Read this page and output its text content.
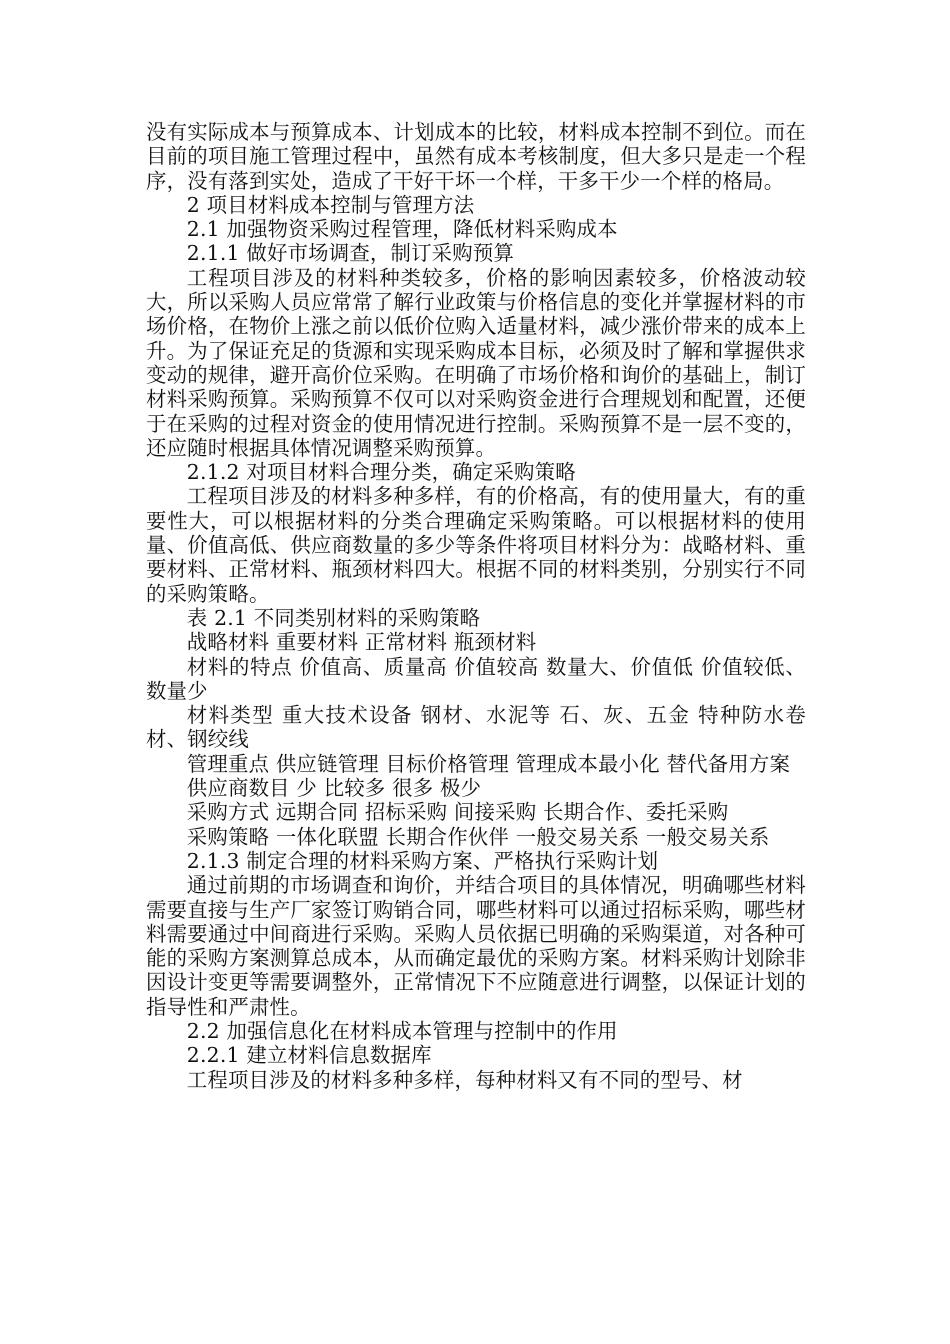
没有实际成本与预算成本、计划成本的比较，材料成本控制不到位。而在目前的项目施工管理过程中，虽然有成本考核制度，但大多只是走一个程序，没有落到实处，造成了干好干坏一个样，干多干少一个样的格局。

2 项目材料成本控制与管理方法

2.1 加强物资采购过程管理，降低材料采购成本

2.1.1 做好市场调查，制订采购预算

工程项目涉及的材料种类较多，价格的影响因素较多，价格波动较大，所以采购人员应常常了解行业政策与价格信息的变化并掌握材料的市场价格，在物价上涨之前以低价位购入适量材料，减少涨价带来的成本上升。为了保证充足的货源和实现采购成本目标，必须及时了解和掌握供求变动的规律，避开高价位采购。在明确了市场价格和询价的基础上，制订材料采购预算。采购预算不仅可以对采购资金进行合理规划和配置，还便于在采购的过程对资金的使用情况进行控制。采购预算不是一层不变的，还应随时根据具体情况调整采购预算。

2.1.2 对项目材料合理分类，确定采购策略

工程项目涉及的材料多种多样，有的价格高，有的使用量大，有的重要性大，可以根据材料的分类合理确定采购策略。可以根据材料的使用量、价值高低、供应商数量的多少等条件将项目材料分为：战略材料、重要材料、正常材料、瓶颈材料四大。根据不同的材料类别，分别实行不同的采购策略。

表 2.1 不同类别材料的采购策略

战略材料 重要材料 正常材料 瓶颈材料

材料的特点 价值高、质量高 价值较高 数量大、价值低 价值较低、数量少

材料类型 重大技术设备 钢材、水泥等 石、灰、五金 特种防水卷材、钢绞线

管理重点 供应链管理 目标价格管理 管理成本最小化 替代备用方案

供应商数目 少 比较多 很多 极少

采购方式 远期合同 招标采购 间接采购 长期合作、委托采购

采购策略 一体化联盟 长期合作伙伴 一般交易关系 一般交易关系

2.1.3 制定合理的材料采购方案、严格执行采购计划

通过前期的市场调查和询价，并结合项目的具体情况，明确哪些材料需要直接与生产厂家签订购销合同，哪些材料可以通过招标采购，哪些材料需要通过中间商进行采购。采购人员依据已明确的采购渠道，对各种可能的采购方案测算总成本，从而确定最优的采购方案。材料采购计划除非因设计变更等需要调整外，正常情况下不应随意进行调整，以保证计划的指导性和严肃性。

2.2 加强信息化在材料成本管理与控制中的作用

2.2.1 建立材料信息数据库

工程项目涉及的材料多种多样，每种材料又有不同的型号、材
